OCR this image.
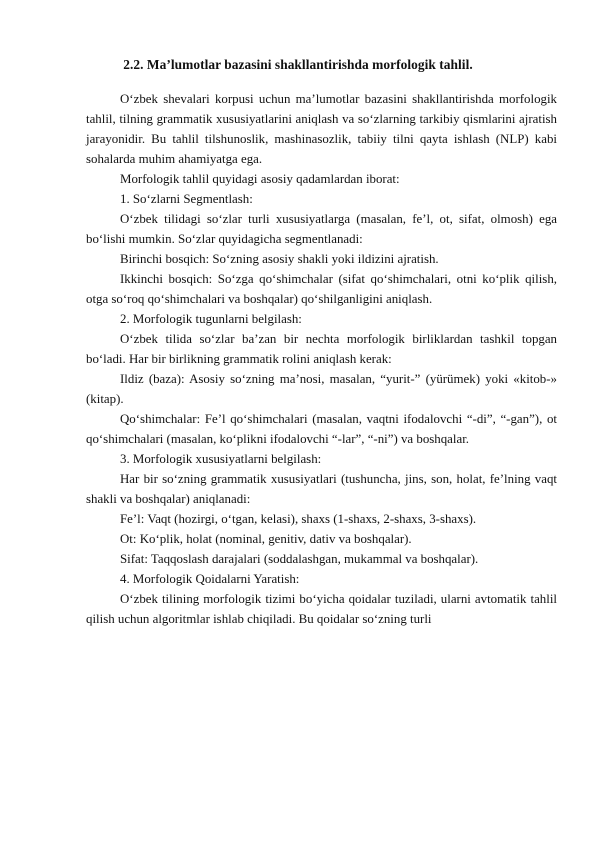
2.2. Ma’lumotlar bazasini shakllantirishda morfologik tahlil.

O‘zbek shevalari korpusi uchun ma’lumotlar bazasini shakllantirishda morfologik tahlil, tilning grammatik xususiyatlarini aniqlash va so‘zlarning tarkibiy qismlarini ajratish jarayonidir. Bu tahlil tilshunoslik, mashinasozlik, tabiiy tilni qayta ishlash (NLP) kabi sohalarda muhim ahamiyatga ega.

Morfologik tahlil quyidagi asosiy qadamlardan iborat:

1. So‘zlarni Segmentlash:

O‘zbek tilidagi so‘zlar turli xususiyatlarga (masalan, fe’l, ot, sifat, olmosh) ega bo‘lishi mumkin. So‘zlar quyidagicha segmentlanadi:

Birinchi bosqich: So‘zning asosiy shakli yoki ildizini ajratish.

Ikkinchi bosqich: So‘zga qo‘shimchalar (sifat qo‘shimchalari, otni ko‘plik qilish, otga so‘roq qo‘shimchalari va boshqalar) qo‘shilganligini aniqlash.

2. Morfologik tugunlarni belgilash:

O‘zbek tilida so‘zlar ba’zan bir nechta morfologik birliklardan tashkil topgan bo‘ladi. Har bir birlikning grammatik rolini aniqlash kerak:

Ildiz (baza): Asosiy so‘zning ma’nosi, masalan, “yurit-” (yürümek) yoki «kitob-» (kitap).

Qo‘shimchalar: Fe’l qo‘shimchalari (masalan, vaqtni ifodalovchi “-di”, “-gan”), ot qo‘shimchalari (masalan, ko‘plikni ifodalovchi “-lar”, “-ni”) va boshqalar.

3. Morfologik xususiyatlarni belgilash:

Har bir so‘zning grammatik xususiyatlari (tushuncha, jins, son, holat, fe’lning vaqt shakli va boshqalar) aniqlanadi:

Fe’l: Vaqt (hozirgi, o‘tgan, kelasi), shaxs (1-shaxs, 2-shaxs, 3-shaxs).

Ot: Ko‘plik, holat (nominal, genitiv, dativ va boshqalar).

Sifat: Taqqoslash darajalari (soddalashgan, mukammal va boshqalar).

4. Morfologik Qoidalarni Yaratish:

O‘zbek tilining morfologik tizimi bo‘yicha qoidalar tuziladi, ularni avtomatik tahlil qilish uchun algoritmlar ishlab chiqiladi. Bu qoidalar so‘zning turli
